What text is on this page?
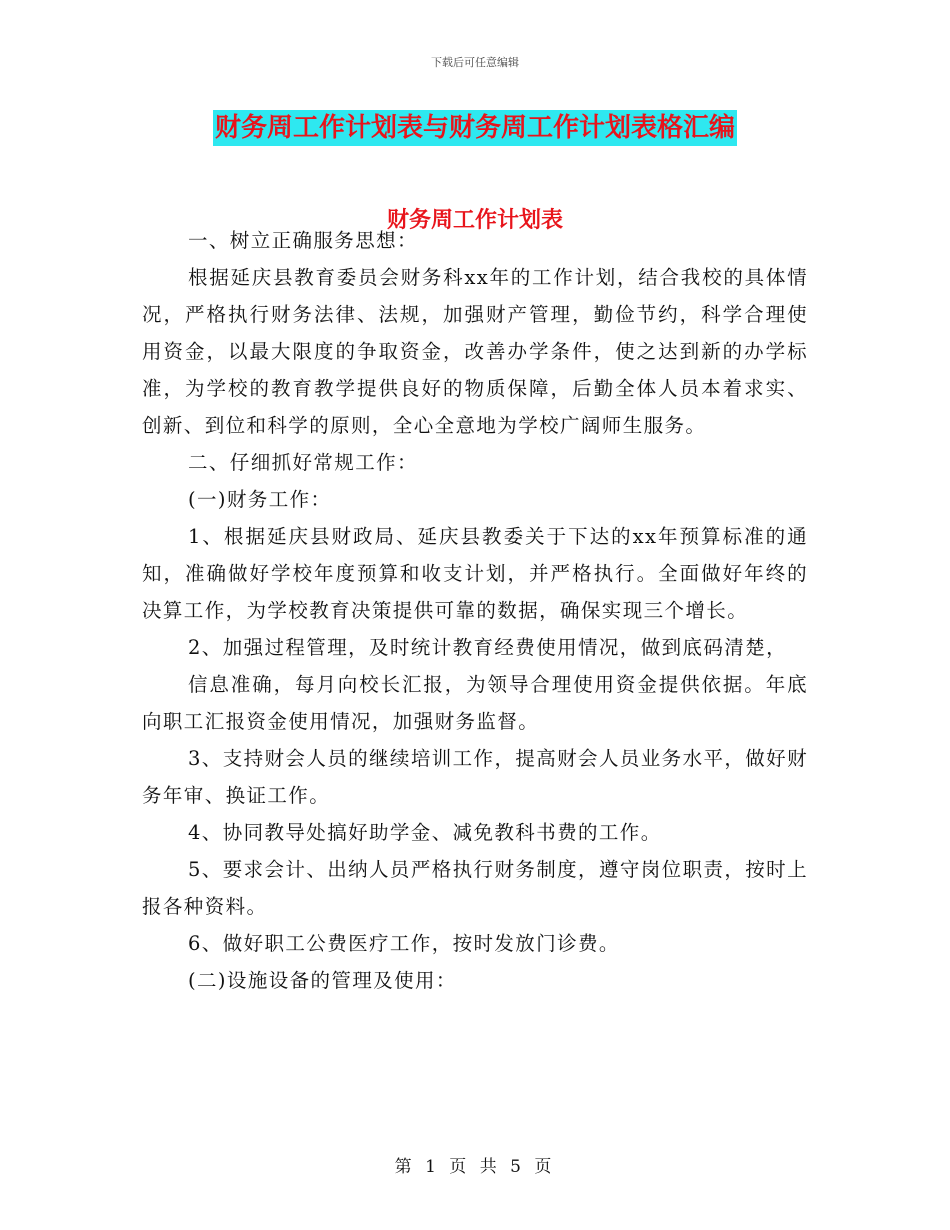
下载后可任意编辑
财务周工作计划表与财务周工作计划表格汇编
财务周工作计划表

一、树立正确服务思想：

根据延庆县教育委员会财务科xx年的工作计划，结合我校的具体情况，严格执行财务法律、法规，加强财产管理，勤俭节约，科学合理使用资金，以最大限度的争取资金，改善办学条件，使之达到新的办学标准，为学校的教育教学提供良好的物质保障，后勤全体人员本着求实、创新、到位和科学的原则，全心全意地为学校广阔师生服务。

二、仔细抓好常规工作：

(一)财务工作：

1、根据延庆县财政局、延庆县教委关于下达的xx年预算标准的通知，准确做好学校年度预算和收支计划，并严格执行。全面做好年终的决算工作，为学校教育决策提供可靠的数据，确保实现三个增长。

2、加强过程管理，及时统计教育经费使用情况，做到底码清楚，

信息准确，每月向校长汇报，为领导合理使用资金提供依据。年底向职工汇报资金使用情况，加强财务监督。

3、支持财会人员的继续培训工作，提高财会人员业务水平，做好财务年审、换证工作。

4、协同教导处搞好助学金、减免教科书费的工作。

5、要求会计、出纳人员严格执行财务制度，遵守岗位职责，按时上报各种资料。

6、做好职工公费医疗工作，按时发放门诊费。

(二)设施设备的管理及使用：

第 1 页 共 5 页
